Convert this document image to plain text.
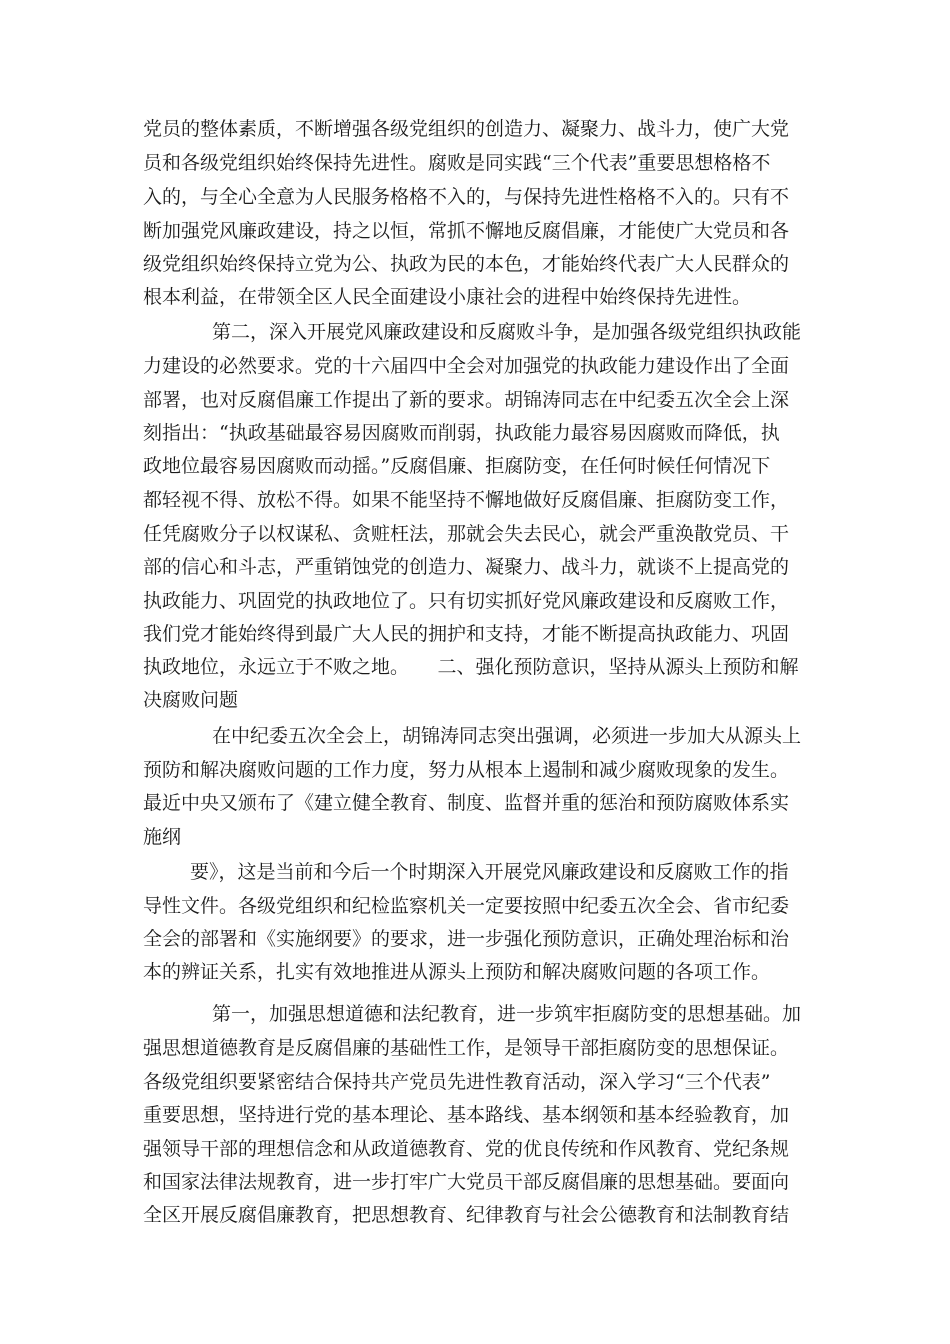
党员的整体素质，不断增强各级党组织的创造力、凝聚力、战斗力，使广大党
员和各级党组织始终保持先进性。腐败是同实践“三个代表”重要思想格格不
入的，与全心全意为人民服务格格不入的，与保持先进性格格不入的。只有不
断加强党风廉政建设，持之以恒，常抓不懈地反腐倡廉，才能使广大党员和各
级党组织始终保持立党为公、执政为民的本色，才能始终代表广大人民群众的
根本利益，在带领全区人民全面建设小康社会的进程中始终保持先进性。
第二，深入开展党风廉政建设和反腐败斗争，是加强各级党组织执政能
力建设的必然要求。党的十六届四中全会对加强党的执政能力建设作出了全面
部署，也对反腐倡廉工作提出了新的要求。胡锦涛同志在中纪委五次全会上深
刻指出：“执政基础最容易因腐败而削弱，执政能力最容易因腐败而降低，执
政地位最容易因腐败而动摇。”反腐倡廉、拒腐防变，在任何时候任何情况下
都轻视不得、放松不得。如果不能坚持不懈地做好反腐倡廉、拒腐防变工作，
任凭腐败分子以权谋私、贪赃枉法，那就会失去民心，就会严重涣散党员、干
部的信心和斗志，严重销蚀党的创造力、凝聚力、战斗力，就谈不上提高党的
执政能力、巩固党的执政地位了。只有切实抓好党风廉政建设和反腐败工作，
我们党才能始终得到最广大人民的拥护和支持，才能不断提高执政能力、巩固
执政地位，永远立于不败之地。　　二、强化预防意识，坚持从源头上预防和解
决腐败问题
在中纪委五次全会上，胡锦涛同志突出强调，必须进一步加大从源头上
预防和解决腐败问题的工作力度，努力从根本上遏制和减少腐败现象的发生。
最近中央又颁布了《建立健全教育、制度、监督并重的惩治和预防腐败体系实
施纲
要》，这是当前和今后一个时期深入开展党风廉政建设和反腐败工作的指
导性文件。各级党组织和纪检监察机关一定要按照中纪委五次全会、省市纪委
全会的部署和《实施纲要》的要求，进一步强化预防意识，正确处理治标和治
本的辨证关系，扎实有效地推进从源头上预防和解决腐败问题的各项工作。
第一，加强思想道德和法纪教育，进一步筑牢拒腐防变的思想基础。加
强思想道德教育是反腐倡廉的基础性工作，是领导干部拒腐防变的思想保证。
各级党组织要紧密结合保持共产党员先进性教育活动，深入学习“三个代表”
重要思想，坚持进行党的基本理论、基本路线、基本纲领和基本经验教育，加
强领导干部的理想信念和从政道德教育、党的优良传统和作风教育、党纪条规
和国家法律法规教育，进一步打牢广大党员干部反腐倡廉的思想基础。要面向
全区开展反腐倡廉教育，把思想教育、纪律教育与社会公德教育和法制教育结
